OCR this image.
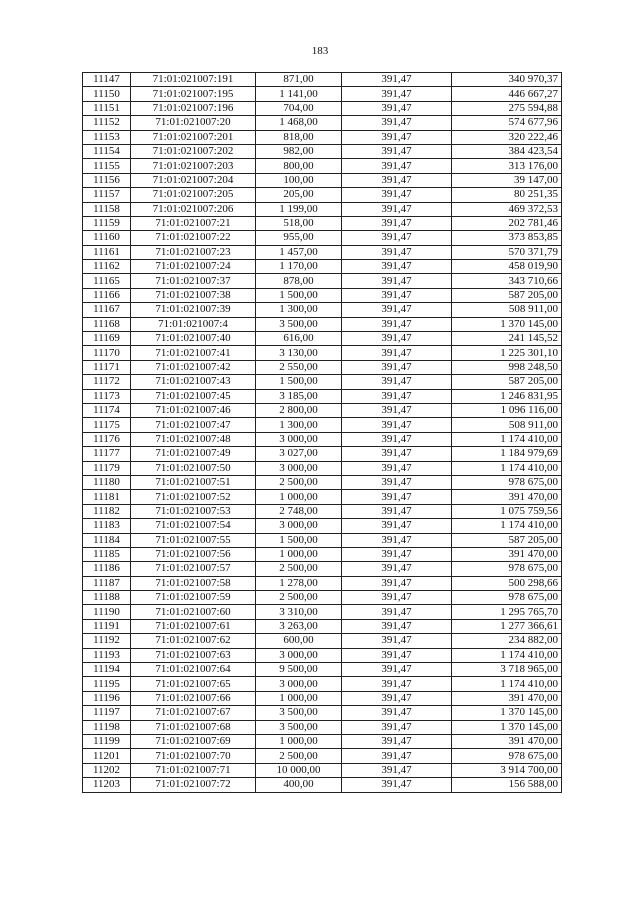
183
11147	71:01:021007:191	871,00	391,47	340 970,37
11150	71:01:021007:195	1 141,00	391,47	446 667,27
11151	71:01:021007:196	704,00	391,47	275 594,88
11152	71:01:021007:20	1 468,00	391,47	574 677,96
11153	71:01:021007:201	818,00	391,47	320 222,46
11154	71:01:021007:202	982,00	391,47	384 423,54
11155	71:01:021007:203	800,00	391,47	313 176,00
11156	71:01:021007:204	100,00	391,47	39 147,00
11157	71:01:021007:205	205,00	391,47	80 251,35
11158	71:01:021007:206	1 199,00	391,47	469 372,53
11159	71:01:021007:21	518,00	391,47	202 781,46
11160	71:01:021007:22	955,00	391,47	373 853,85
11161	71:01:021007:23	1 457,00	391,47	570 371,79
11162	71:01:021007:24	1 170,00	391,47	458 019,90
11165	71:01:021007:37	878,00	391,47	343 710,66
11166	71:01:021007:38	1 500,00	391,47	587 205,00
11167	71:01:021007:39	1 300,00	391,47	508 911,00
11168	71:01:021007:4	3 500,00	391,47	1 370 145,00
11169	71:01:021007:40	616,00	391,47	241 145,52
11170	71:01:021007:41	3 130,00	391,47	1 225 301,10
11171	71:01:021007:42	2 550,00	391,47	998 248,50
11172	71:01:021007:43	1 500,00	391,47	587 205,00
11173	71:01:021007:45	3 185,00	391,47	1 246 831,95
11174	71:01:021007:46	2 800,00	391,47	1 096 116,00
11175	71:01:021007:47	1 300,00	391,47	508 911,00
11176	71:01:021007:48	3 000,00	391,47	1 174 410,00
11177	71:01:021007:49	3 027,00	391,47	1 184 979,69
11179	71:01:021007:50	3 000,00	391,47	1 174 410,00
11180	71:01:021007:51	2 500,00	391,47	978 675,00
11181	71:01:021007:52	1 000,00	391,47	391 470,00
11182	71:01:021007:53	2 748,00	391,47	1 075 759,56
11183	71:01:021007:54	3 000,00	391,47	1 174 410,00
11184	71:01:021007:55	1 500,00	391,47	587 205,00
11185	71:01:021007:56	1 000,00	391,47	391 470,00
11186	71:01:021007:57	2 500,00	391,47	978 675,00
11187	71:01:021007:58	1 278,00	391,47	500 298,66
11188	71:01:021007:59	2 500,00	391,47	978 675,00
11190	71:01:021007:60	3 310,00	391,47	1 295 765,70
11191	71:01:021007:61	3 263,00	391,47	1 277 366,61
11192	71:01:021007:62	600,00	391,47	234 882,00
11193	71:01:021007:63	3 000,00	391,47	1 174 410,00
11194	71:01:021007:64	9 500,00	391,47	3 718 965,00
11195	71:01:021007:65	3 000,00	391,47	1 174 410,00
11196	71:01:021007:66	1 000,00	391,47	391 470,00
11197	71:01:021007:67	3 500,00	391,47	1 370 145,00
11198	71:01:021007:68	3 500,00	391,47	1 370 145,00
11199	71:01:021007:69	1 000,00	391,47	391 470,00
11201	71:01:021007:70	2 500,00	391,47	978 675,00
11202	71:01:021007:71	10 000,00	391,47	3 914 700,00
11203	71:01:021007:72	400,00	391,47	156 588,00
